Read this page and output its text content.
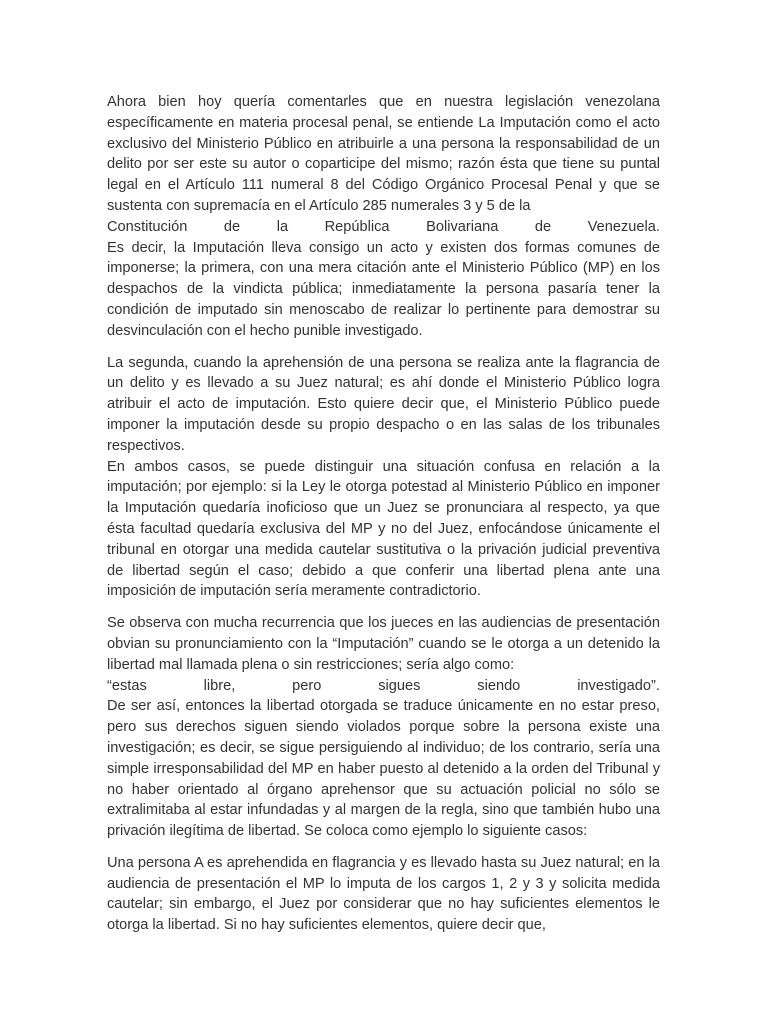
Ahora bien hoy quería comentarles que en nuestra legislación venezolana específicamente en materia procesal penal, se entiende La Imputación como el acto exclusivo del Ministerio Público en atribuirle a una persona la responsabilidad de un delito por ser este su autor o coparticipe del mismo; razón ésta que tiene su puntal legal en el Artículo 111 numeral 8 del Código Orgánico Procesal Penal y que se sustenta con supremacía en el Artículo 285 numerales 3 y 5 de la

Constitución	de	la	República	Bolivariana	de	Venezuela.

Es decir, la Imputación lleva consigo un acto y existen dos formas comunes de imponerse; la primera, con una mera citación ante el Ministerio Público (MP) en los despachos de la vindicta pública; inmediatamente la persona pasaría tener la condición de imputado sin menoscabo de realizar lo pertinente para demostrar su desvinculación con el hecho punible investigado.

La segunda, cuando la aprehensión de una persona se realiza ante la flagrancia de un delito y es llevado a su Juez natural; es ahí donde el Ministerio Público logra atribuir el acto de imputación. Esto quiere decir que, el Ministerio Público puede imponer la imputación desde su propio despacho o en las salas de los tribunales respectivos.

En ambos casos, se puede distinguir una situación confusa en relación a la imputación; por ejemplo: si la Ley le otorga potestad al Ministerio Público en imponer la Imputación quedaría inoficioso que un Juez se pronunciara al respecto, ya que ésta facultad quedaría exclusiva del MP y no del Juez, enfocándose únicamente el tribunal en otorgar una medida cautelar sustitutiva o la privación judicial preventiva de libertad según el caso; debido a que conferir una libertad plena ante una imposición de imputación sería meramente contradictorio.

Se observa con mucha recurrencia que los jueces en las audiencias de presentación obvian su pronunciamiento con la “Imputación” cuando se le otorga a un detenido la libertad mal llamada plena o sin restricciones; sería algo como:

“estas	libre,	pero	sigues	siendo	investigado”.

De ser así, entonces la libertad otorgada se traduce únicamente en no estar preso, pero sus derechos siguen siendo violados porque sobre la persona existe una investigación; es decir, se sigue persiguiendo al individuo; de los contrario, sería una simple irresponsabilidad del MP en haber puesto al detenido a la orden del Tribunal y no haber orientado al órgano aprehensor que su actuación policial no sólo se extralimitaba al estar infundadas y al margen de la regla, sino que también hubo una privación ilegítima de libertad. Se coloca como ejemplo lo siguiente casos:

Una persona A es aprehendida en flagrancia y es llevado hasta su Juez natural; en la audiencia de presentación el MP lo imputa de los cargos 1, 2 y 3 y solicita medida cautelar; sin embargo, el Juez por considerar que no hay suficientes elementos le otorga la libertad. Si no hay suficientes elementos, quiere decir que,
